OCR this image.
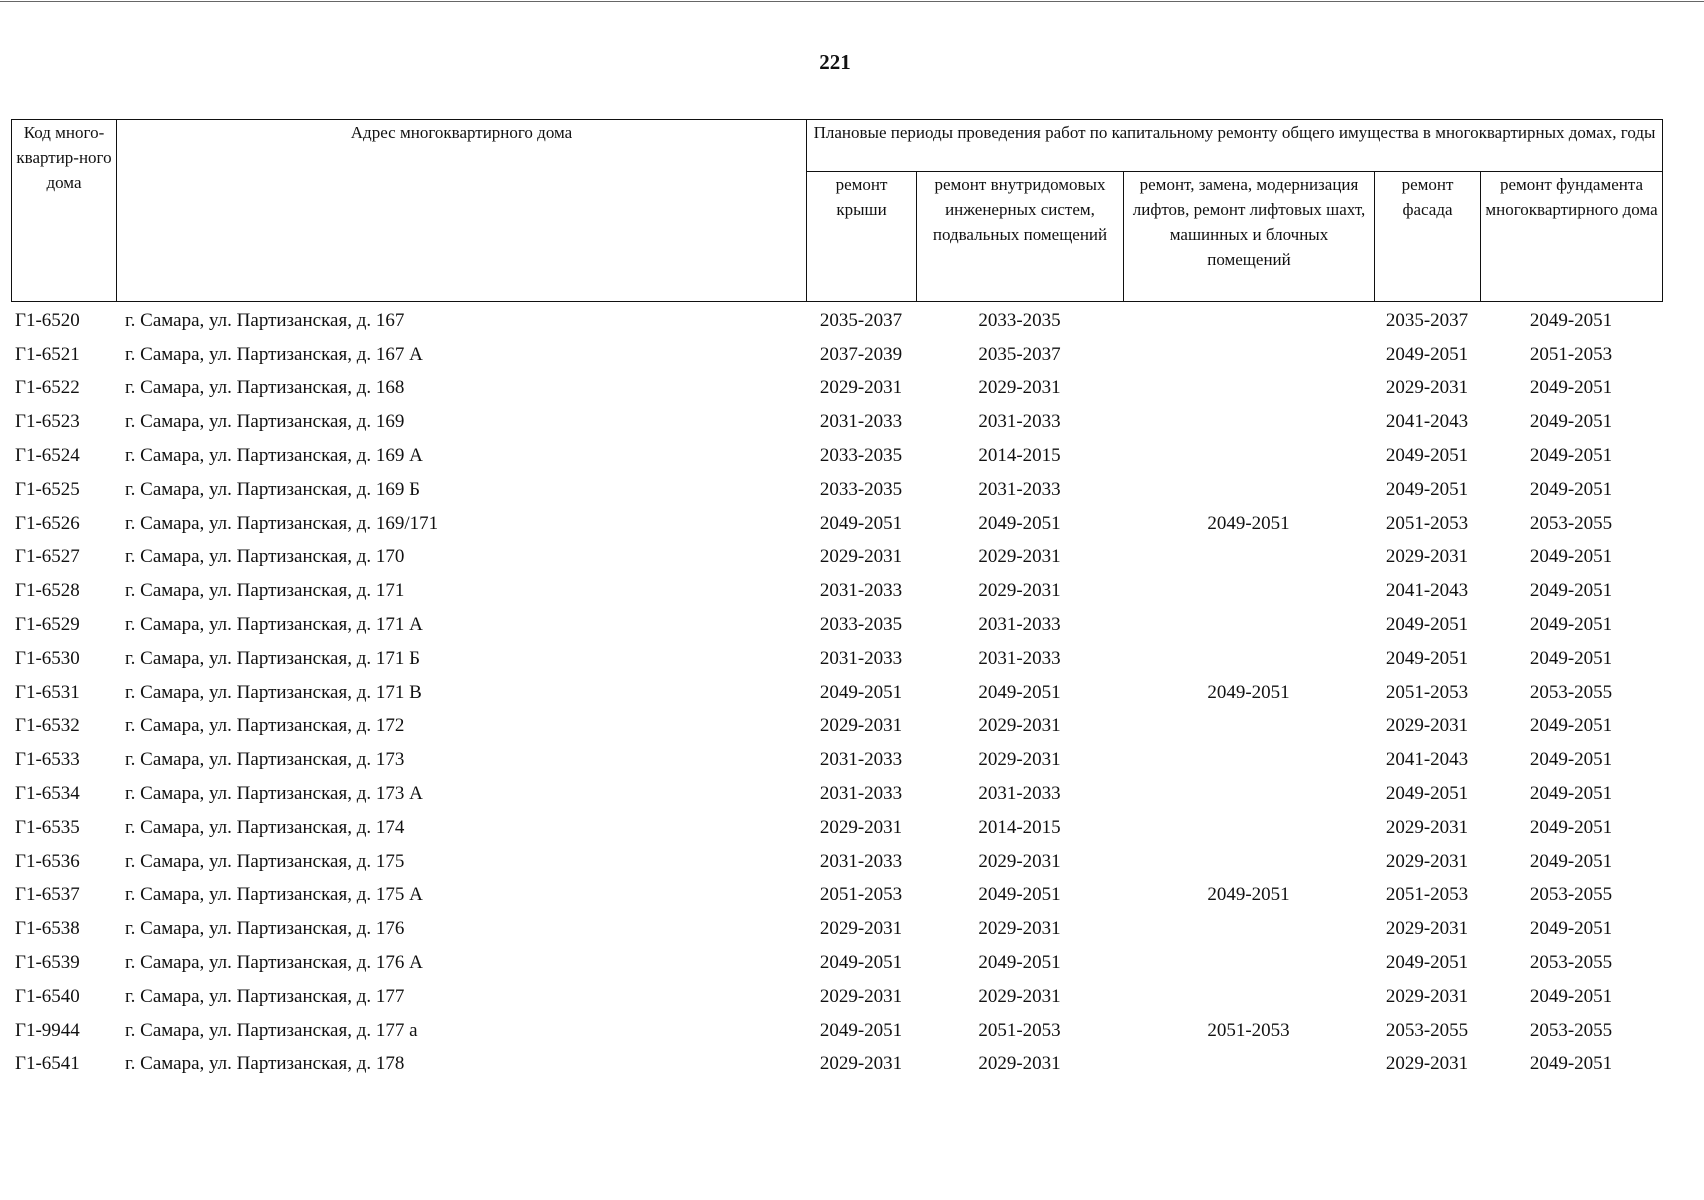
221
Код много-квартир-ного дома	Адрес многоквартирного дома	Плановые периоды проведения работ по капитальному ремонту общего имущества в многоквартирных домах, годы				
		ремонт крыши	ремонт внутридомовых инженерных систем, подвальных помещений	ремонт, замена, модернизация лифтов, ремонт лифтовых шахт, машинных и блочных помещений	ремонт фасада	ремонт фундамента многоквартирного дома
Г1-6520	г. Самара, ул. Партизанская, д. 167	2035-2037	2033-2035		2035-2037	2049-2051
Г1-6521	г. Самара, ул. Партизанская, д. 167 А	2037-2039	2035-2037		2049-2051	2051-2053
Г1-6522	г. Самара, ул. Партизанская, д. 168	2029-2031	2029-2031		2029-2031	2049-2051
Г1-6523	г. Самара, ул. Партизанская, д. 169	2031-2033	2031-2033		2041-2043	2049-2051
Г1-6524	г. Самара, ул. Партизанская, д. 169 А	2033-2035	2014-2015		2049-2051	2049-2051
Г1-6525	г. Самара, ул. Партизанская, д. 169 Б	2033-2035	2031-2033		2049-2051	2049-2051
Г1-6526	г. Самара, ул. Партизанская, д. 169/171	2049-2051	2049-2051	2049-2051	2051-2053	2053-2055
Г1-6527	г. Самара, ул. Партизанская, д. 170	2029-2031	2029-2031		2029-2031	2049-2051
Г1-6528	г. Самара, ул. Партизанская, д. 171	2031-2033	2029-2031		2041-2043	2049-2051
Г1-6529	г. Самара, ул. Партизанская, д. 171 А	2033-2035	2031-2033		2049-2051	2049-2051
Г1-6530	г. Самара, ул. Партизанская, д. 171 Б	2031-2033	2031-2033		2049-2051	2049-2051
Г1-6531	г. Самара, ул. Партизанская, д. 171 В	2049-2051	2049-2051	2049-2051	2051-2053	2053-2055
Г1-6532	г. Самара, ул. Партизанская, д. 172	2029-2031	2029-2031		2029-2031	2049-2051
Г1-6533	г. Самара, ул. Партизанская, д. 173	2031-2033	2029-2031		2041-2043	2049-2051
Г1-6534	г. Самара, ул. Партизанская, д. 173 А	2031-2033	2031-2033		2049-2051	2049-2051
Г1-6535	г. Самара, ул. Партизанская, д. 174	2029-2031	2014-2015		2029-2031	2049-2051
Г1-6536	г. Самара, ул. Партизанская, д. 175	2031-2033	2029-2031		2029-2031	2049-2051
Г1-6537	г. Самара, ул. Партизанская, д. 175 А	2051-2053	2049-2051	2049-2051	2051-2053	2053-2055
Г1-6538	г. Самара, ул. Партизанская, д. 176	2029-2031	2029-2031		2029-2031	2049-2051
Г1-6539	г. Самара, ул. Партизанская, д. 176 А	2049-2051	2049-2051		2049-2051	2053-2055
Г1-6540	г. Самара, ул. Партизанская, д. 177	2029-2031	2029-2031		2029-2031	2049-2051
Г1-9944	г. Самара, ул. Партизанская, д. 177 а	2049-2051	2051-2053	2051-2053	2053-2055	2053-2055
Г1-6541	г. Самара, ул. Партизанская, д. 178	2029-2031	2029-2031		2029-2031	2049-2051
